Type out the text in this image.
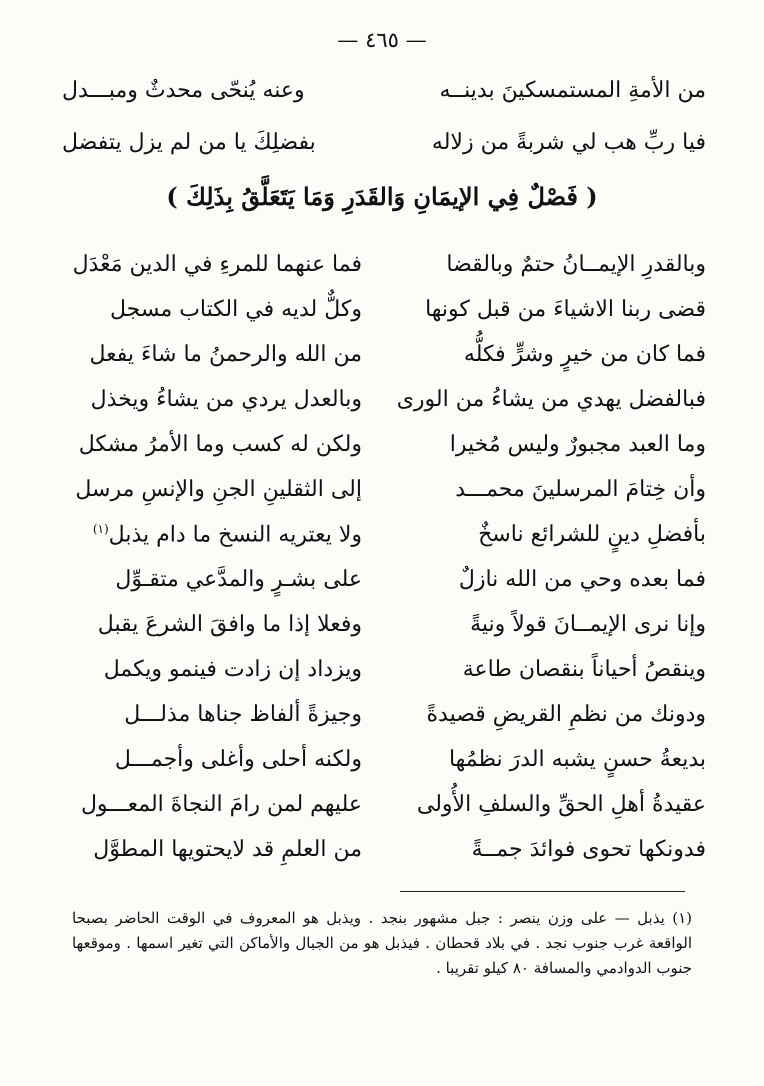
— ٤٦٥ —
من الأمةِ المستمسكينَ بدينــه
وعنه يُنحّى محدثٌ ومبـــدل
فيا ربِّ هب لي شربةً من زلاله
بفضلِكَ يا من لم يزل يتفضل
( فَصْلٌ فِي الإيمَانِ وَالقَدَرِ وَمَا يَتَعَلَّقُ بِذَلِكَ )
وبالقدرِ الإيمــانُ حتمٌ وبالقضا
فما عنهما للمرءِ في الدين مَعْدَل
قضى ربنا الاشياءَ من قبل كونها
وكلٌّ لديه في الكتاب مسجل
فما كان من خيرٍ وشرٍّ فكلُّه
من الله والرحمنُ ما شاءَ يفعل
فبالفضل يهدي من يشاءُ من الورى
وبالعدل يردي من يشاءُ ويخذل
وما العبد مجبورٌ وليس مُخيرا
ولكن له كسب وما الأمرُ مشكل
وأن خِتامَ المرسلينَ محمـــد
إلى الثقلينِ الجنِ والإنسِ مرسل
بأفضلِ دينٍ للشرائع ناسخٌ
ولا يعتريه النسخ ما دام يذبل$^{(١)}$
فما بعده وحي من الله نازلٌ
على بشـرٍ والمدَّعي متقـوِّل
وإنا نرى الإيمــانَ قولاً ونيةً
وفعلا إذا ما وافقَ الشرعَ يقبل
وينقصُ أحياناً بنقصان طاعة
ويزداد إن زادت فينمو ويكمل
ودونك من نظمِ القريضِ قصيدةً
وجيزةً ألفاظ جناها مذلـــل
بديعةُ حسنٍ يشبه الدرَ نظمُها
ولكنه أحلى وأغلى وأجمـــل
عقيدةُ أهلِ الحقِّ والسلفِ الأُولى
عليهم لمن رامَ النجاةَ المعـــول
فدونكها تحوى فوائدَ جمــةً
من العلمِ قد لايحتويها المطوَّل
(١) يذبل — على وزن ينصر : جبل مشهور بنجد . ويذبل هو المعروف في الوقت الحاضر بصبحا الواقعة غرب جنوب نجد . في بلاد قحطان . فيذبل هو من الجبال والأماكن التي تغير اسمها . وموقعها جنوب الدوادمي والمسافة ٨٠ كيلو تقريبا .
